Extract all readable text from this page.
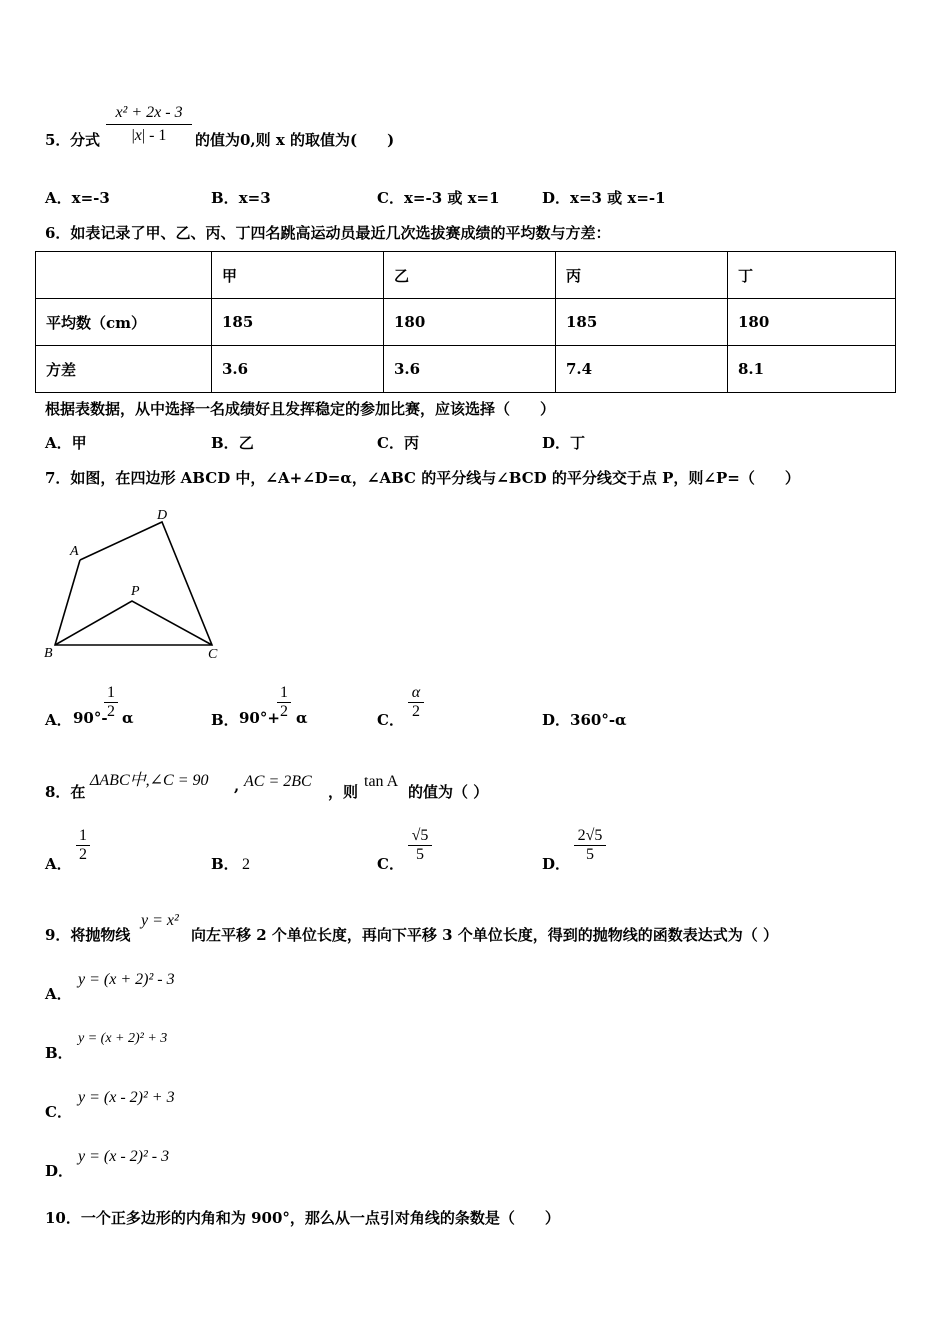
5． 分式 $\frac{\text{x² + 2x - 3}}{|x| - 1}$ 的值为0,则 x 的取值为(　　)
A．x=-3	B．x=3	C．x=-3 或 x=1	D．x=3 或 x=-1
6．如表记录了甲、乙、丙、丁四名跳高运动员最近几次选拔赛成绩的平均数与方差：
	甲	乙	丙	丁
平均数（cm）	185	180	185	180
方差	3.6	3.6	7.4	8.1
根据表数据，从中选择一名成绩好且发挥稳定的参加比赛，应该选择（　　）
A．甲	B．乙	C．丙	D．丁
7．如图，在四边形 ABCD 中，∠A+∠D=α，∠ABC 的平分线与∠BCD 的平分线交于点 P，则∠P=（　　）
A
D
P
B	C
A． 90°-
$\frac{1}{2}$ α	B． 90°+
$\frac{1}{2}$ α	C． $\frac{\alpha}{2}$	D．360°-α
8．在
ΔABC中,∠C = 90 , AC = 2BC
，则
tan A
的值为（ ）
A． $\frac{1}{2}$	B． 2	C． $\frac{√5}{5}$	D． $\frac{2√5}{5}$
9．将抛物线
y = x²
向左平移 2 个单位长度，再向下平移 3 个单位长度，得到的抛物线的函数表达式为（ ）
A．
y = (x + 2)² - 3
B．
y = (x + 2)² + 3
C．
y = (x - 2)² + 3
D．
y = (x - 2)² - 3
10．一个正多边形的内角和为 900°，那么从一点引对角线的条数是（　　）
